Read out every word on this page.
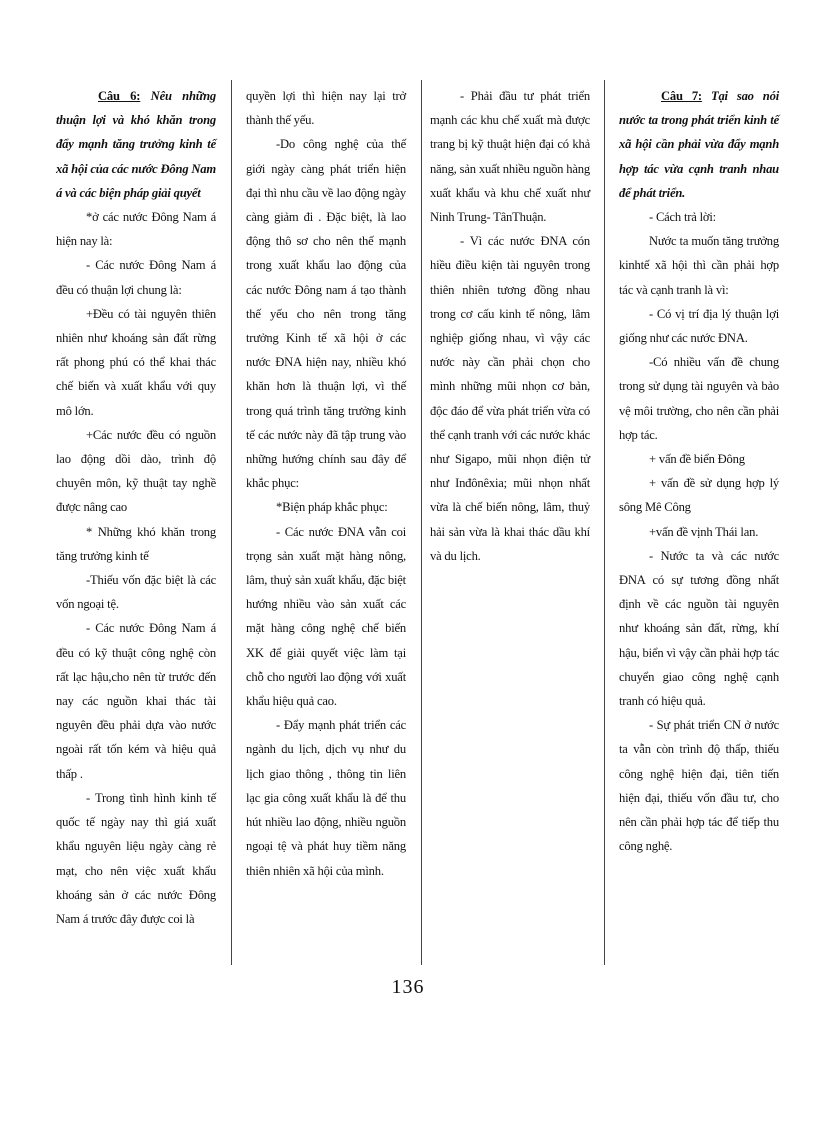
Câu 6: Nêu những thuận lợi và khó khăn trong đẩy mạnh tăng trưởng kinh tế xã hội của các nước Đông Nam á và các biện pháp giải quyết

*ở các nước Đông Nam á hiện nay là:

- Các nước Đông Nam á đều có thuận lợi chung là:

+Đều có tài nguyên thiên nhiên như khoáng sản đất rừng rất phong phú có thể khai thác chế biến và xuất khẩu với quy mô lớn.

+Các nước đều có nguồn lao động dồi dào, trình độ chuyên môn, kỹ thuật tay nghề được nâng cao

* Những khó khăn trong tăng trưởng kinh tế

-Thiếu vốn đặc biệt là các vốn ngoại tệ.

- Các nước Đông Nam á đều có kỹ thuật công nghệ còn rất lạc hậu,cho nên từ trước đến nay các nguồn khai thác tài nguyên đều phải dựa vào nước ngoài rất tốn kém và hiệu quả thấp .

- Trong tình hình kinh tế quốc tế ngày nay thì giá xuất khẩu nguyên liệu ngày càng rẻ mạt, cho nên việc xuất khẩu khoáng sản ở các nước Đông Nam á trước đây được coi là

quyền lợi thì hiện nay lại trở thành thế yếu.

-Do công nghệ của thế giới ngày càng phát triển hiện đại thì nhu cầu về lao động ngày càng giảm đi . Đặc biệt, là lao động thô sơ cho nên thế mạnh trong xuất khẩu lao động của các nước Đông nam á tạo thành thế yếu cho nên trong tăng trưởng Kinh tế xã hội ở các nước ĐNA hiện nay, nhiều khó khăn hơn là thuận lợi, vì thế trong quá trình tăng trưởng kinh tế các nước này đã tập trung vào những hướng chính sau đây để khắc phục:

*Biện pháp khắc phục:

- Các nước ĐNA vẫn coi trọng sản xuất mặt hàng nông, lâm, thuỷ sản xuất khẩu, đặc biệt hướng nhiều vào sản xuất các mặt hàng công nghệ chế biến XK để giải quyết việc làm tại chỗ cho người lao động với xuất khẩu hiệu quả cao.

- Đẩy mạnh phát triển các ngành du lịch, dịch vụ như du lịch giao thông , thông tin liên lạc gia công xuất khẩu là để thu hút nhiều lao động, nhiều nguồn ngoại tệ và phát huy tiềm năng thiên nhiên xã hội của mình.

- Phải đầu tư phát triển mạnh các khu chế xuất mà được trang bị kỹ thuật hiện đại có khả năng, sản xuất nhiều nguồn hàng xuất khẩu và khu chế xuất như Ninh Trung- TânThuận.

- Vì các nước ĐNA cón hiều điều kiện tài nguyên trong thiên nhiên tương đồng nhau trong cơ cấu kinh tế nông, lâm nghiệp giống nhau, vì vậy các nước này cần phải chọn cho mình những mũi nhọn cơ bản, độc đáo để vừa phát triển vừa có thể cạnh tranh với các nước khác như Sigapo, mũi nhọn điện tử như Inđônêxia; mũi nhọn nhất vừa là chế biến nông, lâm, thuỷ hải sản vừa là khai thác dầu khí và du lịch.

Câu 7: Tại sao nói nước ta trong phát triển kinh tế xã hội cần phải vừa đẩy mạnh hợp tác vừa cạnh tranh nhau để phát triển.

- Cách trả lời:

Nước ta muốn tăng trưởng kinhtế xã hội thì cần phải hợp tác và cạnh tranh là vì:

- Có vị trí địa lý thuận lợi giống như các nước ĐNA.

-Có nhiều vấn đề chung trong sử dụng tài nguyên và bảo vệ môi trường, cho nên cần phải hợp tác.

+ vấn đề biển Đông

+ vấn đề sử dụng hợp lý sông Mê Công

+vấn đề vịnh Thái lan.

- Nước ta và các nước ĐNA có sự tương đồng nhất định về các nguồn tài nguyên như khoáng sản đất, rừng, khí hậu, biển vì vậy cần phải hợp tác chuyển giao công nghệ cạnh tranh có hiệu quả.

- Sự phát triển CN ở nước ta vẫn còn trình độ thấp, thiếu công nghệ hiện đại, tiên tiến hiện đại, thiếu vốn đầu tư, cho nên cần phải hợp tác để tiếp thu công nghệ.

136
